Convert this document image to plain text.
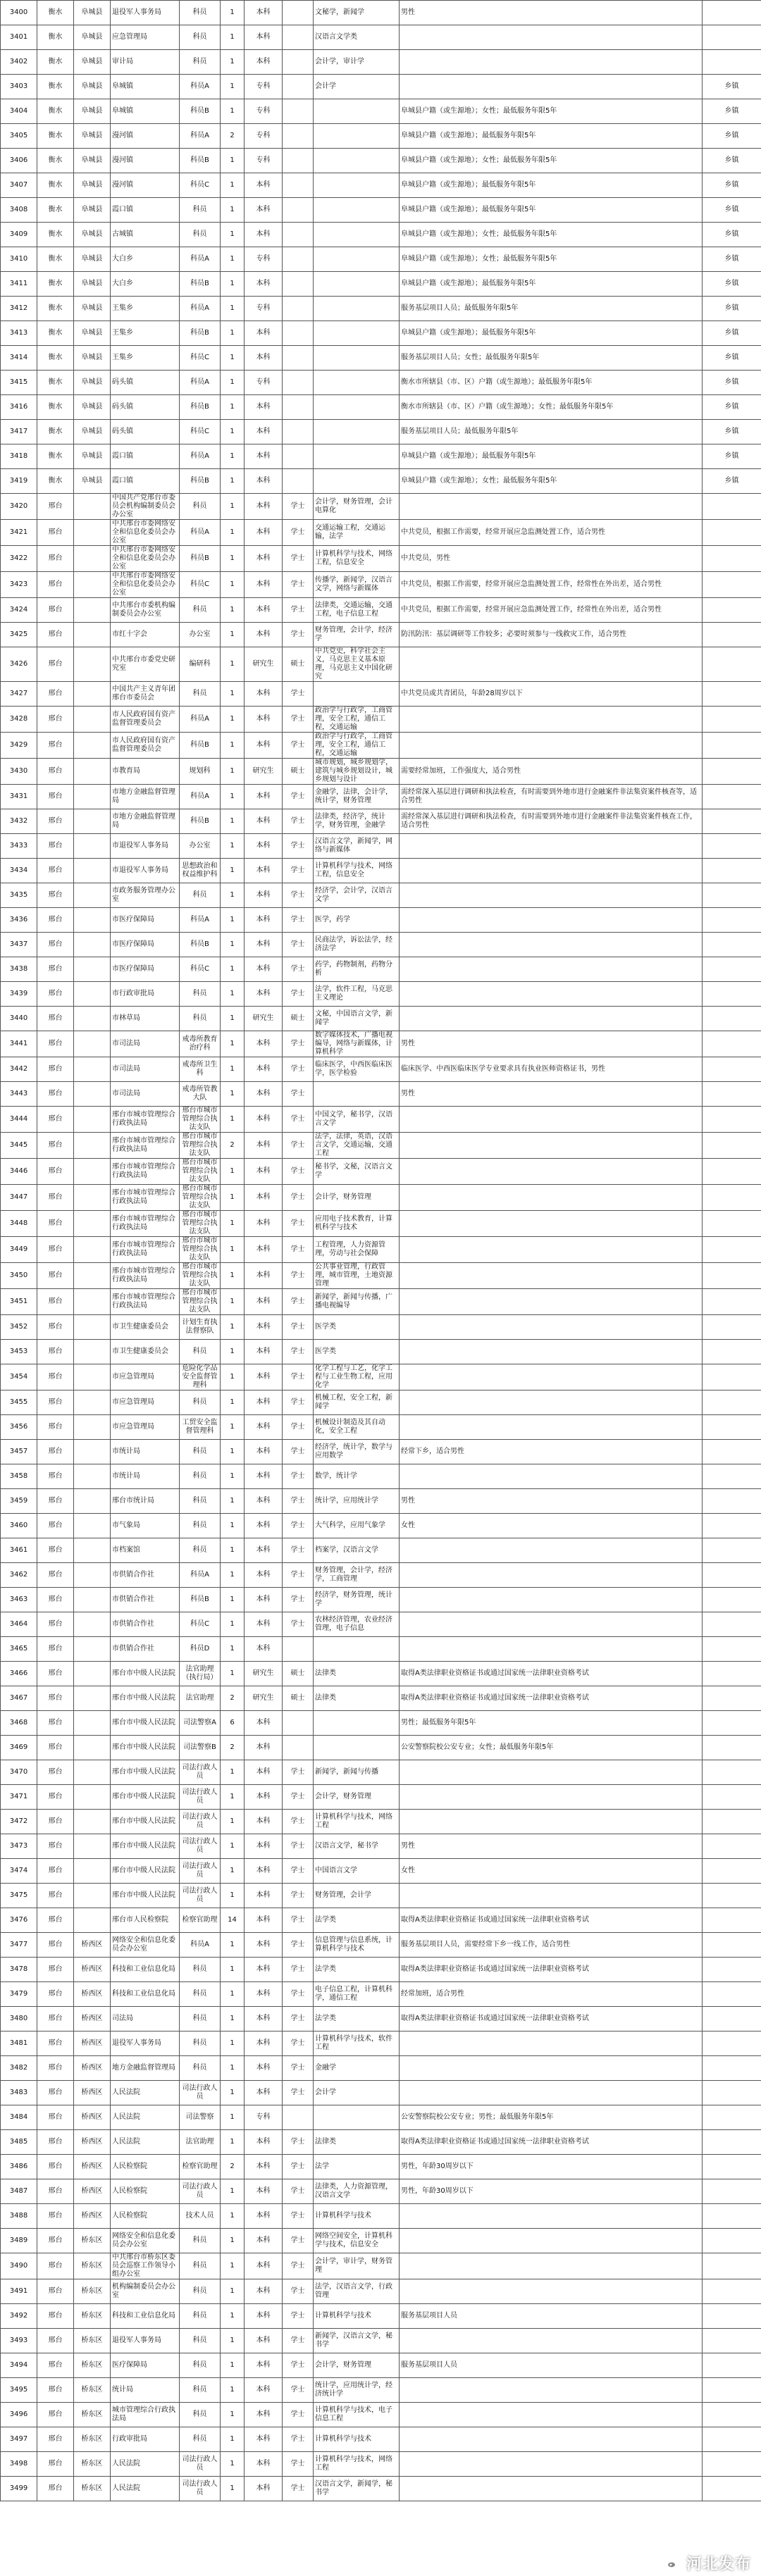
3400	衡水	阜城县	退役军人事务局	科员	1	本科		文秘学，新闻学	男性	
3401	衡水	阜城县	应急管理局	科员	1	本科		汉语言文学类		
3402	衡水	阜城县	审计局	科员	1	本科		会计学，审计学		
3403	衡水	阜城县	阜城镇	科员A	1	专科		会计学		乡镇
3404	衡水	阜城县	阜城镇	科员B	1	专科			阜城县户籍（或生源地）；女性；最低服务年限5年	乡镇
3405	衡水	阜城县	漫河镇	科员A	2	专科			阜城县户籍（或生源地）；最低服务年限5年	乡镇
3406	衡水	阜城县	漫河镇	科员B	1	专科			阜城县户籍（或生源地）；女性；最低服务年限5年	乡镇
3407	衡水	阜城县	漫河镇	科员C	1	本科			阜城县户籍（或生源地）；最低服务年限5年	乡镇
3408	衡水	阜城县	霞口镇	科员	1	本科			阜城县户籍（或生源地）；最低服务年限5年	乡镇
3409	衡水	阜城县	古城镇	科员	1	本科			阜城县户籍（或生源地）；女性；最低服务年限5年	乡镇
3410	衡水	阜城县	大白乡	科员A	1	专科			阜城县户籍（或生源地）；女性；最低服务年限5年	乡镇
3411	衡水	阜城县	大白乡	科员B	1	本科			阜城县户籍（或生源地）；最低服务年限5年	乡镇
3412	衡水	阜城县	王集乡	科员A	1	专科			服务基层项目人员；最低服务年限5年	乡镇
3413	衡水	阜城县	王集乡	科员B	1	本科			阜城县户籍（或生源地）；最低服务年限5年	乡镇
3414	衡水	阜城县	王集乡	科员C	1	本科			服务基层项目人员；女性；最低服务年限5年	乡镇
3415	衡水	阜城县	码头镇	科员A	1	专科			衡水市所辖县（市、区）户籍（或生源地）；最低服务年限5年	乡镇
3416	衡水	阜城县	码头镇	科员B	1	本科			衡水市所辖县（市、区）户籍（或生源地）；女性；最低服务年限5年	乡镇
3417	衡水	阜城县	码头镇	科员C	1	本科			服务基层项目人员；最低服务年限5年	乡镇
3418	衡水	阜城县	霞口镇	科员A	1	本科			阜城县户籍（或生源地）；最低服务年限5年	乡镇
3419	衡水	阜城县	霞口镇	科员B	1	本科			阜城县户籍（或生源地）；女性；最低服务年限5年	乡镇
3420	邢台		中国共产党邢台市委员会机构编制委员会办公室	科员	1	本科	学士	会计学，财务管理，会计电算化		
3421	邢台		中共邢台市委网络安全和信息化委员会办公室	科员A	1	本科	学士	交通运输工程，交通运输，法学	中共党员，根据工作需要，经常开展应急监测处置工作，适合男性	
3422	邢台		中共邢台市委网络安全和信息化委员会办公室	科员B	1	本科	学士	计算机科学与技术，网络工程，信息安全	中共党员，男性	
3423	邢台		中共邢台市委网络安全和信息化委员会办公室	科员C	1	本科	学士	传播学，新闻学，汉语言文学，网络与新媒体	中共党员，根据工作需要，经常开展应急监测处置工作，经常性在外出差，适合男性	
3424	邢台		中共邢台市委机构编制委员会办公室	科员	1	本科	学士	法律类，交通运输，交通工程，电子信息工程	中共党员，根据工作需要，经常开展应急监测处置工作，经常性在外出差，适合男性	
3425	邢台		市红十字会	办公室	1	本科	学士	财务管理，会计学，经济学	防汛防汛：基层调研等工作较多；必要时须参与一线救灾工作，适合男性	
3426	邢台		中共邢台市委党史研究室	编研科	1	研究生	硕士	中共党史，科学社会主义，马克思主义基本原理，马克思主义中国化研究		
3427	邢台		中国共产主义青年团邢台市委员会	科员	1	本科	学士		中共党员或共青团员，年龄28周岁以下	
3428	邢台		市人民政府国有资产监督管理委员会	科员A	1	本科	学士	政治学与行政学，工商管理，安全工程，通信工程，交通运输		
3429	邢台		市人民政府国有资产监督管理委员会	科员B	1	本科	学士	政治学与行政学，工商管理，安全工程，通信工程，交通运输		
3430	邢台		市教育局	规划科	1	研究生	硕士	城市规划，城乡规划学，建筑与城乡规划设计，城乡规划与设计	需要经常加班，工作强度大，适合男性	
3431	邢台		市地方金融监督管理局	科员A	1	本科	学士	金融学，法律，会计学，统计学，财务管理	需经常深入基层进行调研和执法检查，有时需要到外地市进行金融案件非法集资案件核查等，适合男性	
3432	邢台		市地方金融监督管理局	科员B	1	本科	学士	法律类，经济学，统计学，财务管理，金融学	需经常深入基层进行调研和执法检查，有时需要到外地市进行金融案件非法集资案件核查工作，适合男性	
3433	邢台		市退役军人事务局	办公室	1	本科	学士	汉语言文学，新闻学，网络与新媒体		
3434	邢台		市退役军人事务局	思想政治和权益维护科	1	本科	学士	计算机科学与技术，网络工程，信息安全		
3435	邢台		市政务服务管理办公室	科员	1	本科	学士	经济学，会计学，汉语言文学		
3436	邢台		市医疗保障局	科员A	1	本科	学士	医学，药学		
3437	邢台		市医疗保障局	科员B	1	本科	学士	民商法学，诉讼法学，经济法学		
3438	邢台		市医疗保障局	科员C	1	本科	学士	药学，药物制剂，药物分析		
3439	邢台		市行政审批局	科员	1	本科	学士	法学，软件工程，马克思主义理论		
3440	邢台		市林草局	科员	1	研究生	硕士	文秘，中国语言文学，新闻学		
3441	邢台		市司法局	戒毒所教育治疗科	1	本科	学士	数字媒体技术，广播电视编导，网络与新媒体，计算机科学	男性	
3442	邢台		市司法局	戒毒所卫生科	1	本科	学士	临床医学，中西医临床医学，医学检验	临床医学、中西医临床医学专业要求具有执业医师资格证书，男性	
3443	邢台		市司法局	戒毒所管教大队	1	本科	学士		男性	
3444	邢台		邢台市城市管理综合行政执法局	邢台市城市管理综合执法支队	1	本科	学士	中国文学，秘书学，汉语言文学		
3445	邢台		邢台市城市管理综合行政执法局	邢台市城市管理综合执法支队	2	本科	学士	法学，法律，英语，汉语言文学，交通运输，交通工程		
3446	邢台		邢台市城市管理综合行政执法局	邢台市城市管理综合执法支队	1	本科	学士	秘书学，文秘，汉语言文学		
3447	邢台		邢台市城市管理综合行政执法局	邢台市城市管理综合执法支队	1	本科	学士	会计学，财务管理		
3448	邢台		邢台市城市管理综合行政执法局	邢台市城市管理综合执法支队	1	本科	学士	应用电子技术教育，计算机科学与技术		
3449	邢台		邢台市城市管理综合行政执法局	邢台市城市管理综合执法支队	1	本科	学士	工程管理，人力资源管理，劳动与社会保障		
3450	邢台		邢台市城市管理综合行政执法局	邢台市城市管理综合执法支队	1	本科	学士	公共事业管理，行政管理，城市管理，土地资源管理		
3451	邢台		邢台市城市管理综合行政执法局	邢台市城市管理综合执法支队	1	本科	学士	新闻学，新闻与传播，广播电视编导		
3452	邢台		市卫生健康委员会	计划生育执法督察队	1	本科	学士	医学类		
3453	邢台		市卫生健康委员会	科员	1	本科	学士	医学类		
3454	邢台		市应急管理局	危险化学品安全监督管理科	1	本科	学士	化学工程与工艺，化学工程与工业生物工程，应用化学		
3455	邢台		市应急管理局	科员	1	本科	学士	机械工程，安全工程，新闻学		
3456	邢台		市应急管理局	工贸安全监督管理科	1	本科	学士	机械设计制造及其自动化，安全工程		
3457	邢台		市统计局	科员	1	本科	学士	经济学，统计学，数学与应用数学	经常下乡，适合男性	
3458	邢台		市统计局	科员	1	本科	学士	数学，统计学		
3459	邢台		邢台市统计局	科员	1	本科	学士	统计学，应用统计学	男性	
3460	邢台		市气象局	科员	1	本科	学士	大气科学，应用气象学	女性	
3461	邢台		市档案馆	科员	1	本科	学士	档案学，汉语言文学		
3462	邢台		市供销合作社	科员A	1	本科	学士	财务管理，会计学，经济学，工商管理		
3463	邢台		市供销合作社	科员B	1	本科	学士	经济学，财务管理，统计学		
3464	邢台		市供销合作社	科员C	1	本科	学士	农林经济管理，农业经济管理，电子信息		
3465	邢台		市供销合作社	科员D	1	本科				
3466	邢台		邢台市中级人民法院	法官助理（执行局）	1	研究生	硕士	法律类	取得A类法律职业资格证书或通过国家统一法律职业资格考试	
3467	邢台		邢台市中级人民法院	法官助理	2	研究生	硕士	法律类	取得A类法律职业资格证书或通过国家统一法律职业资格考试	
3468	邢台		邢台市中级人民法院	司法警察A	6	本科			男性；最低服务年限5年	
3469	邢台		邢台市中级人民法院	司法警察B	2	本科			公安警察院校公安专业；女性；最低服务年限5年	
3470	邢台		邢台市中级人民法院	司法行政人员	1	本科	学士	新闻学，新闻与传播		
3471	邢台		邢台市中级人民法院	司法行政人员	1	本科	学士	会计学，财务管理		
3472	邢台		邢台市中级人民法院	司法行政人员	1	本科	学士	计算机科学与技术，网络工程		
3473	邢台		邢台市中级人民法院	司法行政人员	1	本科	学士	汉语言文学，秘书学	男性	
3474	邢台		邢台市中级人民法院	司法行政人员	1	本科	学士	中国语言文学	女性	
3475	邢台		邢台市中级人民法院	司法行政人员	1	本科	学士	财务管理，会计学		
3476	邢台		邢台市人民检察院	检察官助理	14	本科	学士	法学类	取得A类法律职业资格证书或通过国家统一法律职业资格考试	
3477	邢台	桥西区	网络安全和信息化委员会办公室	科员A	1	本科	学士	信息管理与信息系统，计算机科学与技术	服务基层项目人员，需要经常下乡一线工作，适合男性	
3478	邢台	桥西区	科技和工业信息化局	科员	1	本科	学士	法学类	取得A类法律职业资格证书或通过国家统一法律职业资格考试	
3479	邢台	桥西区	科技和工业信息化局	科员	1	本科	学士	电子信息工程，计算机科学，通信工程	经常加班，适合男性	
3480	邢台	桥西区	司法局	科员	1	本科	学士	法学类	取得A类法律职业资格证书或通过国家统一法律职业资格考试	
3481	邢台	桥西区	退役军人事务局	科员	1	本科	学士	计算机科学与技术，软件工程		
3482	邢台	桥西区	地方金融监督管理局	科员	1	本科	学士	金融学		
3483	邢台	桥西区	人民法院	司法行政人员	1	本科	学士	会计学		
3484	邢台	桥西区	人民法院	司法警察	1	专科			公安警察院校公安专业；男性；最低服务年限5年	
3485	邢台	桥西区	人民法院	法官助理	1	本科	学士	法律类	取得A类法律职业资格证书或通过国家统一法律职业资格考试	
3486	邢台	桥西区	人民检察院	检察官助理	2	本科	学士	法学	男性，年龄30周岁以下	
3487	邢台	桥西区	人民检察院	司法行政人员	1	本科	学士	法律类，人力资源管理，汉语言文学	男性，年龄30周岁以下	
3488	邢台	桥西区	人民检察院	技术人员	1	本科	学士	计算机科学与技术		
3489	邢台	桥东区	网络安全和信息化委员会办公室	科员	1	本科	学士	网络空间安全，计算机科学与技术，信息安全		
3490	邢台	桥东区	中共邢台市桥东区委员会巡察工作领导小组办公室	科员	1	本科	学士	会计学，审计学，财务管理		
3491	邢台	桥东区	机构编制委员会办公室	科员	1	本科	学士	法学，汉语言文学，行政管理		
3492	邢台	桥东区	科技和工业信息化局	科员	1	本科	学士	计算机科学与技术	服务基层项目人员	
3493	邢台	桥东区	退役军人事务局	科员	1	本科	学士	新闻学，汉语言文学，秘书学		
3494	邢台	桥东区	医疗保障局	科员	1	本科	学士	会计学，财务管理	服务基层项目人员	
3495	邢台	桥东区	统计局	科员	1	本科	学士	统计学，应用统计学，经济统计学		
3496	邢台	桥东区	城市管理综合行政执法局	科员	1	本科	学士	计算机科学与技术，电子信息工程		
3497	邢台	桥东区	行政审批局	科员	1	本科	学士	计算机科学与技术		
3498	邢台	桥东区	人民法院	司法行政人员	1	本科	学士	计算机科学与技术，网络工程		
3499	邢台	桥东区	人民法院	司法行政人员	1	本科	学士	汉语言文学，新闻学，秘书学		
河北发布
